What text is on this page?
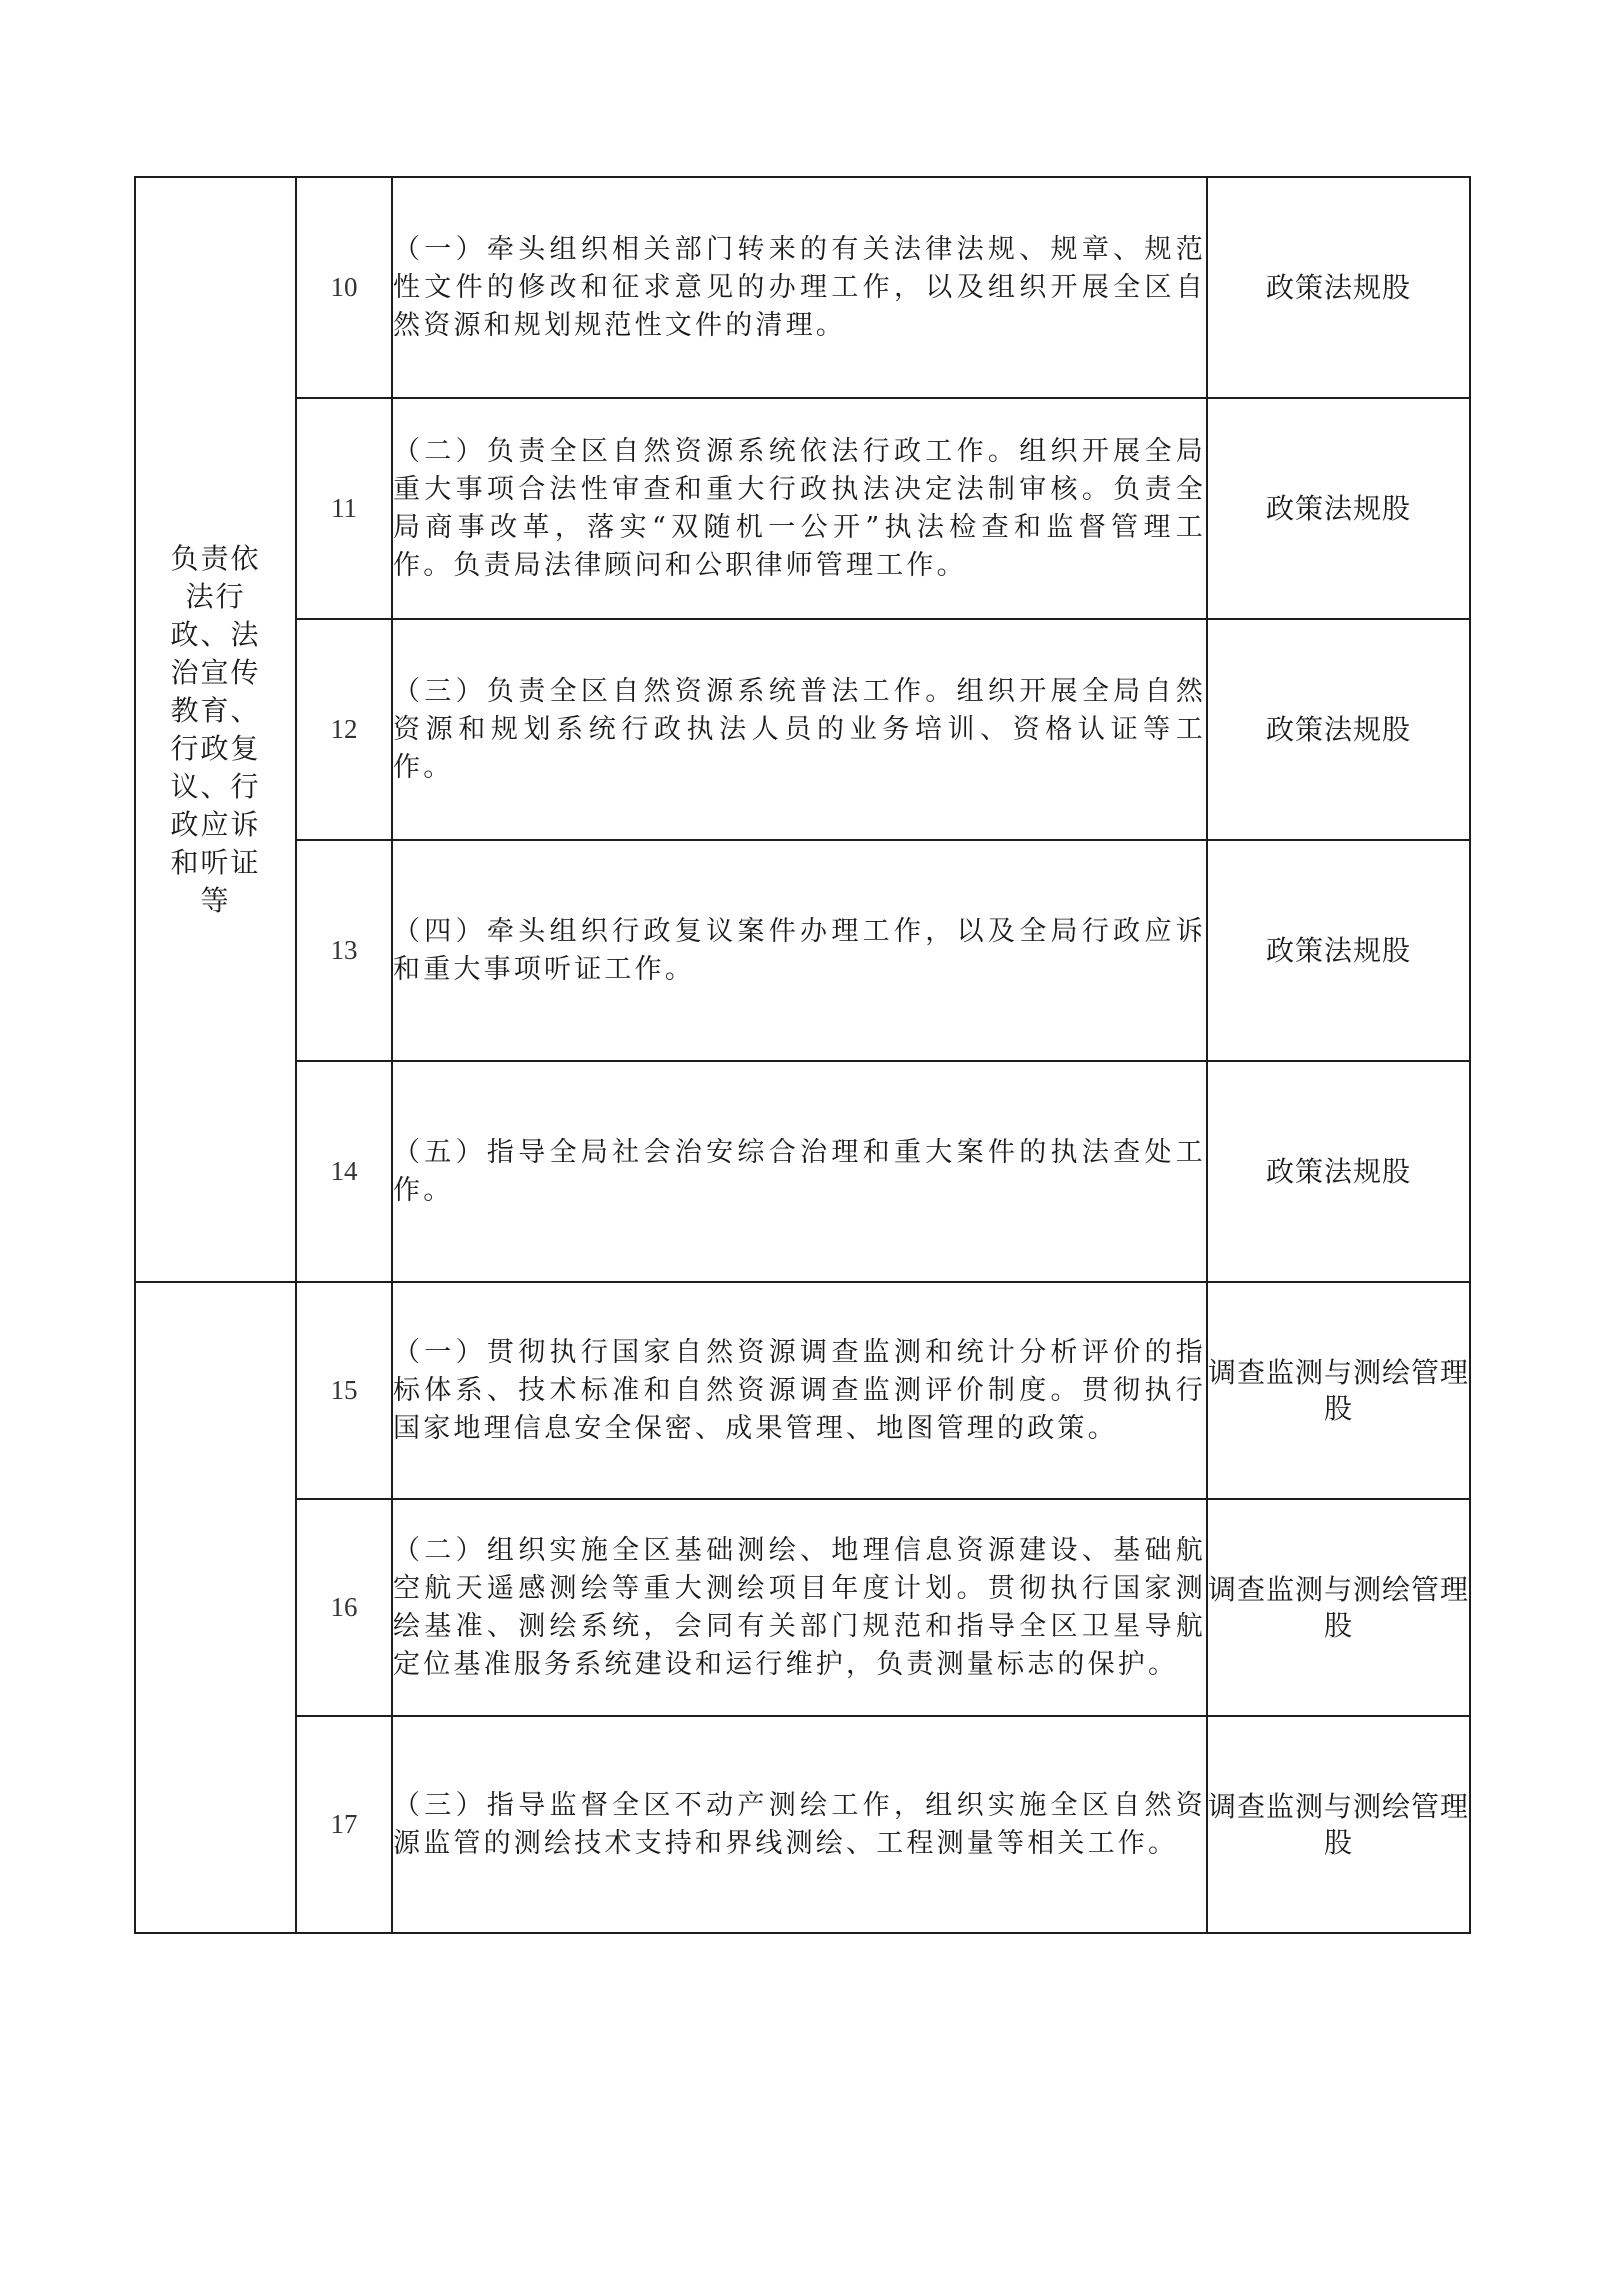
负责依法行政、法治宣传教育、行政复议、行政应诉和听证等	10	（一）牵头组织相关部门转来的有关法律法规、规章、规范性文件的修改和征求意见的办理工作，以及组织开展全区自然资源和规划规范性文件的清理。	政策法规股
	11	（二）负责全区自然资源系统依法行政工作。组织开展全局重大事项合法性审查和重大行政执法决定法制审核。负责全局商事改革，落实“双随机一公开”执法检查和监督管理工作。负责局法律顾问和公职律师管理工作。	政策法规股
	12	（三）负责全区自然资源系统普法工作。组织开展全局自然资源和规划系统行政执法人员的业务培训、资格认证等工作。	政策法规股
	13	（四）牵头组织行政复议案件办理工作，以及全局行政应诉和重大事项听证工作。	政策法规股
	14	（五）指导全局社会治安综合治理和重大案件的执法查处工作。	政策法规股

	15	（一）贯彻执行国家自然资源调查监测和统计分析评价的指标体系、技术标准和自然资源调查监测评价制度。贯彻执行国家地理信息安全保密、成果管理、地图管理的政策。	调查监测与测绘管理股
	16	（二）组织实施全区基础测绘、地理信息资源建设、基础航空航天遥感测绘等重大测绘项目年度计划。贯彻执行国家测绘基准、测绘系统，会同有关部门规范和指导全区卫星导航定位基准服务系统建设和运行维护，负责测量标志的保护。	调查监测与测绘管理股
	17	（三）指导监督全区不动产测绘工作，组织实施全区自然资源监管的测绘技术支持和界线测绘、工程测量等相关工作。	调查监测与测绘管理股
